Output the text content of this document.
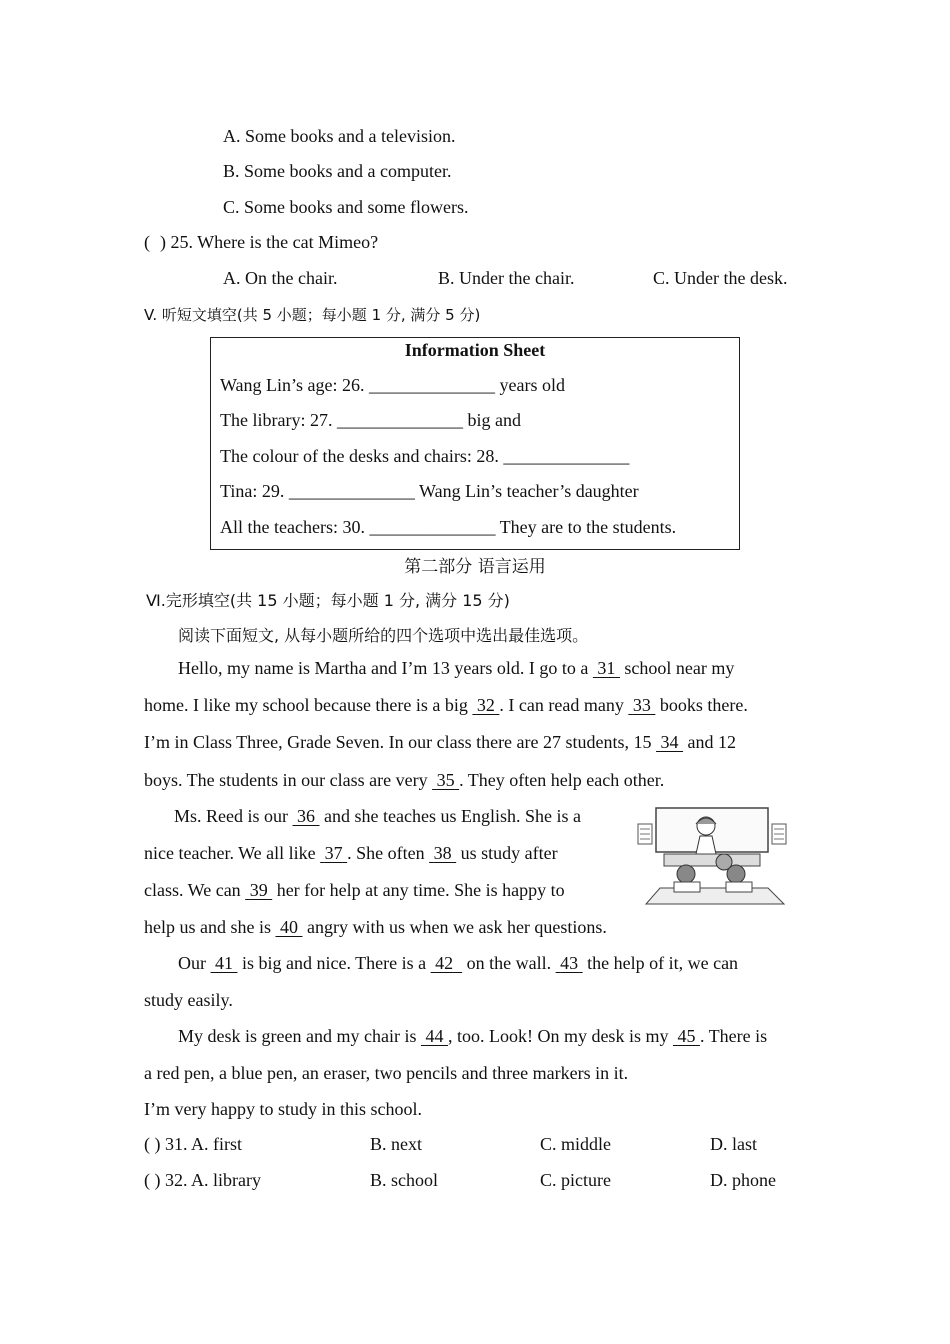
A. Some books and a television.
B. Some books and a computer.
C. Some books and some flowers.
( ) 25. Where is the cat Mimeo?
A. On the chair.	B. Under the chair.	C. Under the desk.
V. 听短文填空(共 5 小题；每小题 1 分, 满分 5 分)
Information Sheet
Wang Lin’s age: 26. ______________ years old
The library: 27. ______________ big and
The colour of the desks and chairs: 28. ______________
Tina: 29. ______________ Wang Lin’s teacher’s daughter
All the teachers: 30. ______________ They are to the students.
第二部分 语言运用
Ⅵ.完形填空(共 15 小题；每小题 1 分, 满分 15 分)
阅读下面短文, 从每小题所给的四个选项中选出最佳选项。
Hello, my name is Martha and I’m 13 years old. I go to a  31  school near my
home. I like my school because there is a big  32 . I can read many  33  books there.
I’m in Class Three, Grade Seven. In our class there are 27 students, 15  34  and 12
boys. The students in our class are very  35 . They often help each other.
Ms. Reed is our  36  and she teaches us English. She is a
nice teacher. We all like  37 . She often  38  us study after
class. We can  39  her for help at any time. She is happy to
help us and she is  40  angry with us when we ask her questions.
Our  41  is big and nice. There is a  42   on the wall.  43  the help of it, we can
study easily.
My desk is green and my chair is  44 , too. Look! On my desk is my  45 . There is
a red pen, a blue pen, an eraser, two pencils and three markers in it.
I’m very happy to study in this school.
( ) 31. A. first	B. next	C. middle	D. last
( ) 32. A. library	B. school	C. picture	D. phone
